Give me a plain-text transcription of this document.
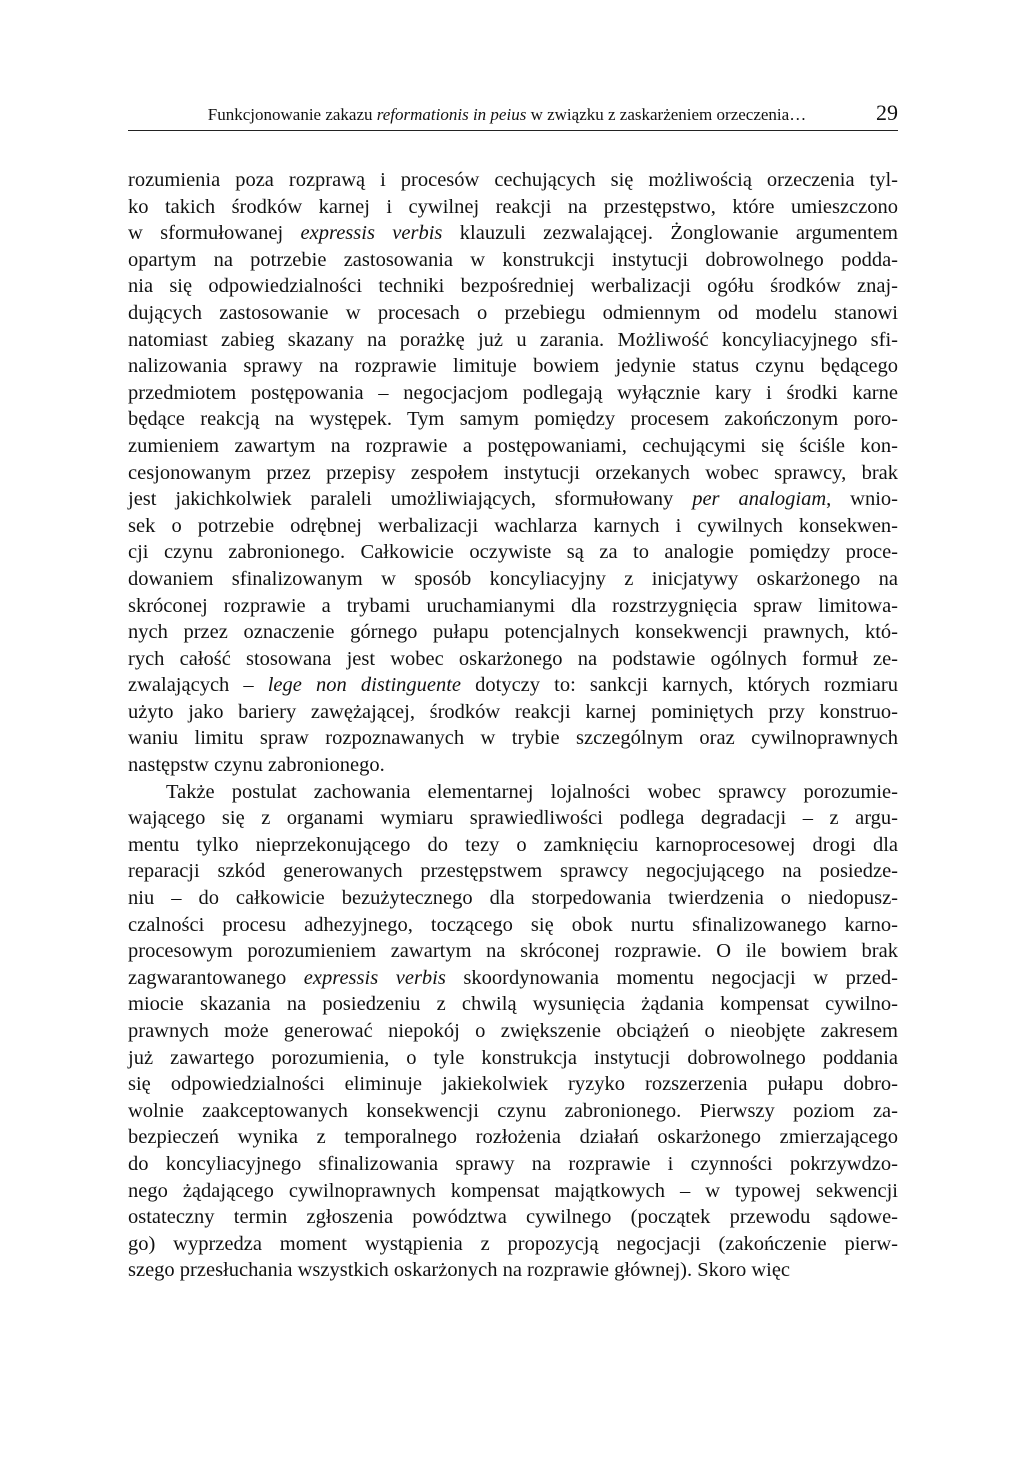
Funkcjonowanie zakazu reformationis in peius w związku z zaskarżeniem orzeczenia…	29
rozumienia poza rozprawą i procesów cechujących się możliwością orzeczenia tyl-
ko takich środków karnej i cywilnej reakcji na przestępstwo, które umieszczono
w sformułowanej expressis verbis klauzuli zezwalającej. Żonglowanie argumentem
opartym na potrzebie zastosowania w konstrukcji instytucji dobrowolnego podda-
nia się odpowiedzialności techniki bezpośredniej werbalizacji ogółu środków znaj-
dujących zastosowanie w procesach o przebiegu odmiennym od modelu stanowi
natomiast zabieg skazany na porażkę już u zarania. Możliwość koncyliacyjnego sfi-
nalizowania sprawy na rozprawie limituje bowiem jedynie status czynu będącego
przedmiotem postępowania – negocjacjom podlegają wyłącznie kary i środki karne
będące reakcją na występek. Tym samym pomiędzy procesem zakończonym poro-
zumieniem zawartym na rozprawie a postępowaniami, cechującymi się ściśle kon-
cesjonowanym przez przepisy zespołem instytucji orzekanych wobec sprawcy, brak
jest jakichkolwiek paraleli umożliwiających, sformułowany per analogiam, wnio-
sek o potrzebie odrębnej werbalizacji wachlarza karnych i cywilnych konsekwen-
cji czynu zabronionego. Całkowicie oczywiste są za to analogie pomiędzy proce-
dowaniem sfinalizowanym w sposób koncyliacyjny z inicjatywy oskarżonego na
skróconej rozprawie a trybami uruchamianymi dla rozstrzygnięcia spraw limitowa-
nych przez oznaczenie górnego pułapu potencjalnych konsekwencji prawnych, któ-
rych całość stosowana jest wobec oskarżonego na podstawie ogólnych formuł ze-
zwalających – lege non distinguente dotyczy to: sankcji karnych, których rozmiaru
użyto jako bariery zawężającej, środków reakcji karnej pominiętych przy konstruo-
waniu limitu spraw rozpoznawanych w trybie szczególnym oraz cywilnoprawnych
następstw czynu zabronionego.
Także postulat zachowania elementarnej lojalności wobec sprawcy porozumie-
wającego się z organami wymiaru sprawiedliwości podlega degradacji – z argu-
mentu tylko nieprzekonującego do tezy o zamknięciu karnoprocesowej drogi dla
reparacji szkód generowanych przestępstwem sprawcy negocjującego na posiedze-
niu – do całkowicie bezużytecznego dla storpedowania twierdzenia o niedopusz-
czalności procesu adhezyjnego, toczącego się obok nurtu sfinalizowanego karno-
procesowym porozumieniem zawartym na skróconej rozprawie. O ile bowiem brak
zagwarantowanego expressis verbis skoordynowania momentu negocjacji w przed-
miocie skazania na posiedzeniu z chwilą wysunięcia żądania kompensat cywilno-
prawnych może generować niepokój o zwiększenie obciążeń o nieobjęte zakresem
już zawartego porozumienia, o tyle konstrukcja instytucji dobrowolnego poddania
się odpowiedzialności eliminuje jakiekolwiek ryzyko rozszerzenia pułapu dobro-
wolnie zaakceptowanych konsekwencji czynu zabronionego. Pierwszy poziom za-
bezpieczeń wynika z temporalnego rozłożenia działań oskarżonego zmierzającego
do koncyliacyjnego sfinalizowania sprawy na rozprawie i czynności pokrzywdzo-
nego żądającego cywilnoprawnych kompensat majątkowych – w typowej sekwencji
ostateczny termin zgłoszenia powództwa cywilnego (początek przewodu sądowe-
go) wyprzedza moment wystąpienia z propozycją negocjacji (zakończenie pierw-
szego przesłuchania wszystkich oskarżonych na rozprawie głównej). Skoro więc
